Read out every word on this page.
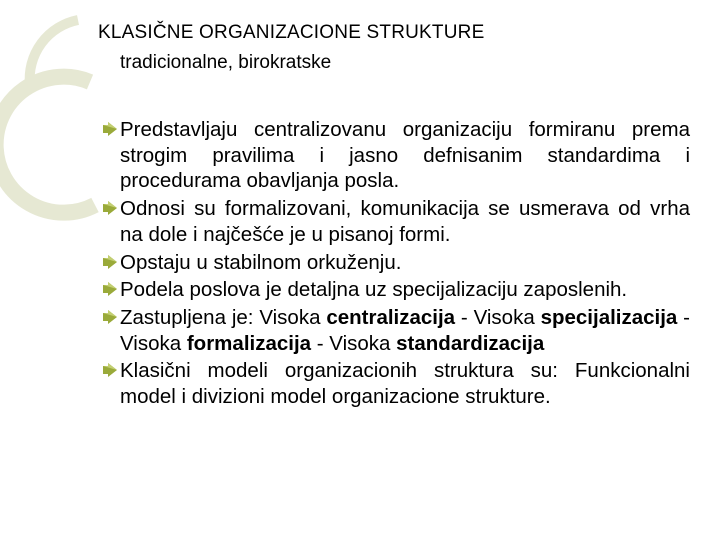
KLASIČNE ORGANIZACIONE STRUKTURE
tradicionalne, birokratske
Predstavljaju centralizovanu organizaciju formiranu prema strogim pravilima i jasno defnisanim standardima i procedurama obavljanja posla.
Odnosi su formalizovani, komunikacija se usmerava od vrha na dole i najčešće je u pisanoj formi.
Opstaju u stabilnom orkuženju.
Podela poslova je detaljna uz specijalizaciju zaposlenih.
Zastupljena je: Visoka centralizacija - Visoka specijalizacija - Visoka formalizacija - Visoka standardizacija
Klasični modeli organizacionih struktura su: Funkcionalni model i divizioni model organizacione strukture.
